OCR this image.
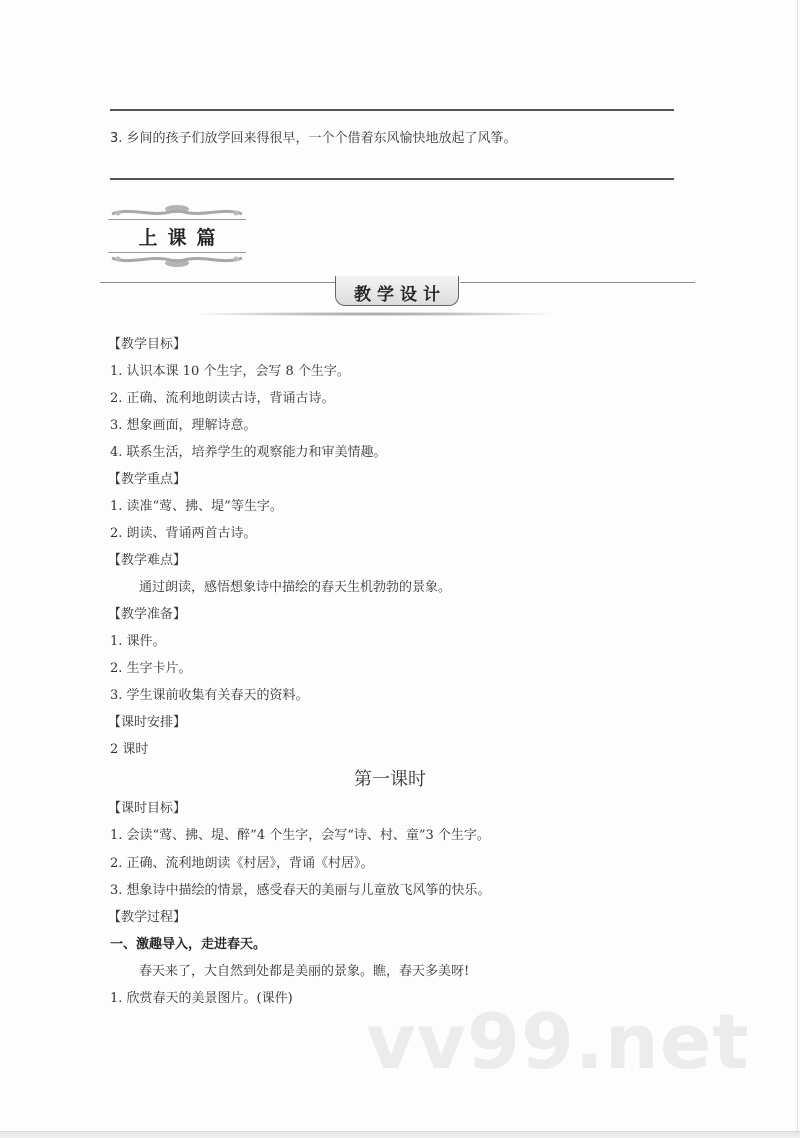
3. 乡间的孩子们放学回来得很早，一个个借着东风愉快地放起了风筝。
上课篇
教学设计
【教学目标】
1. 认识本课 10 个生字，会写 8 个生字。
2. 正确、流利地朗读古诗，背诵古诗。
3. 想象画面，理解诗意。
4. 联系生活，培养学生的观察能力和审美情趣。
【教学重点】
1. 读准“莺、拂、堤”等生字。
2. 朗读、背诵两首古诗。
【教学难点】
通过朗读，感悟想象诗中描绘的春天生机勃勃的景象。
【教学准备】
1. 课件。
2. 生字卡片。
3. 学生课前收集有关春天的资料。
【课时安排】
2 课时
第一课时
【课时目标】
1. 会读“莺、拂、堤、醉”4 个生字，会写“诗、村、童”3 个生字。
2. 正确、流利地朗读《村居》，背诵《村居》。
3. 想象诗中描绘的情景，感受春天的美丽与儿童放飞风筝的快乐。
【教学过程】
一、激趣导入，走进春天。
春天来了，大自然到处都是美丽的景象。瞧，春天多美呀!
1. 欣赏春天的美景图片。(课件) vv99.net
